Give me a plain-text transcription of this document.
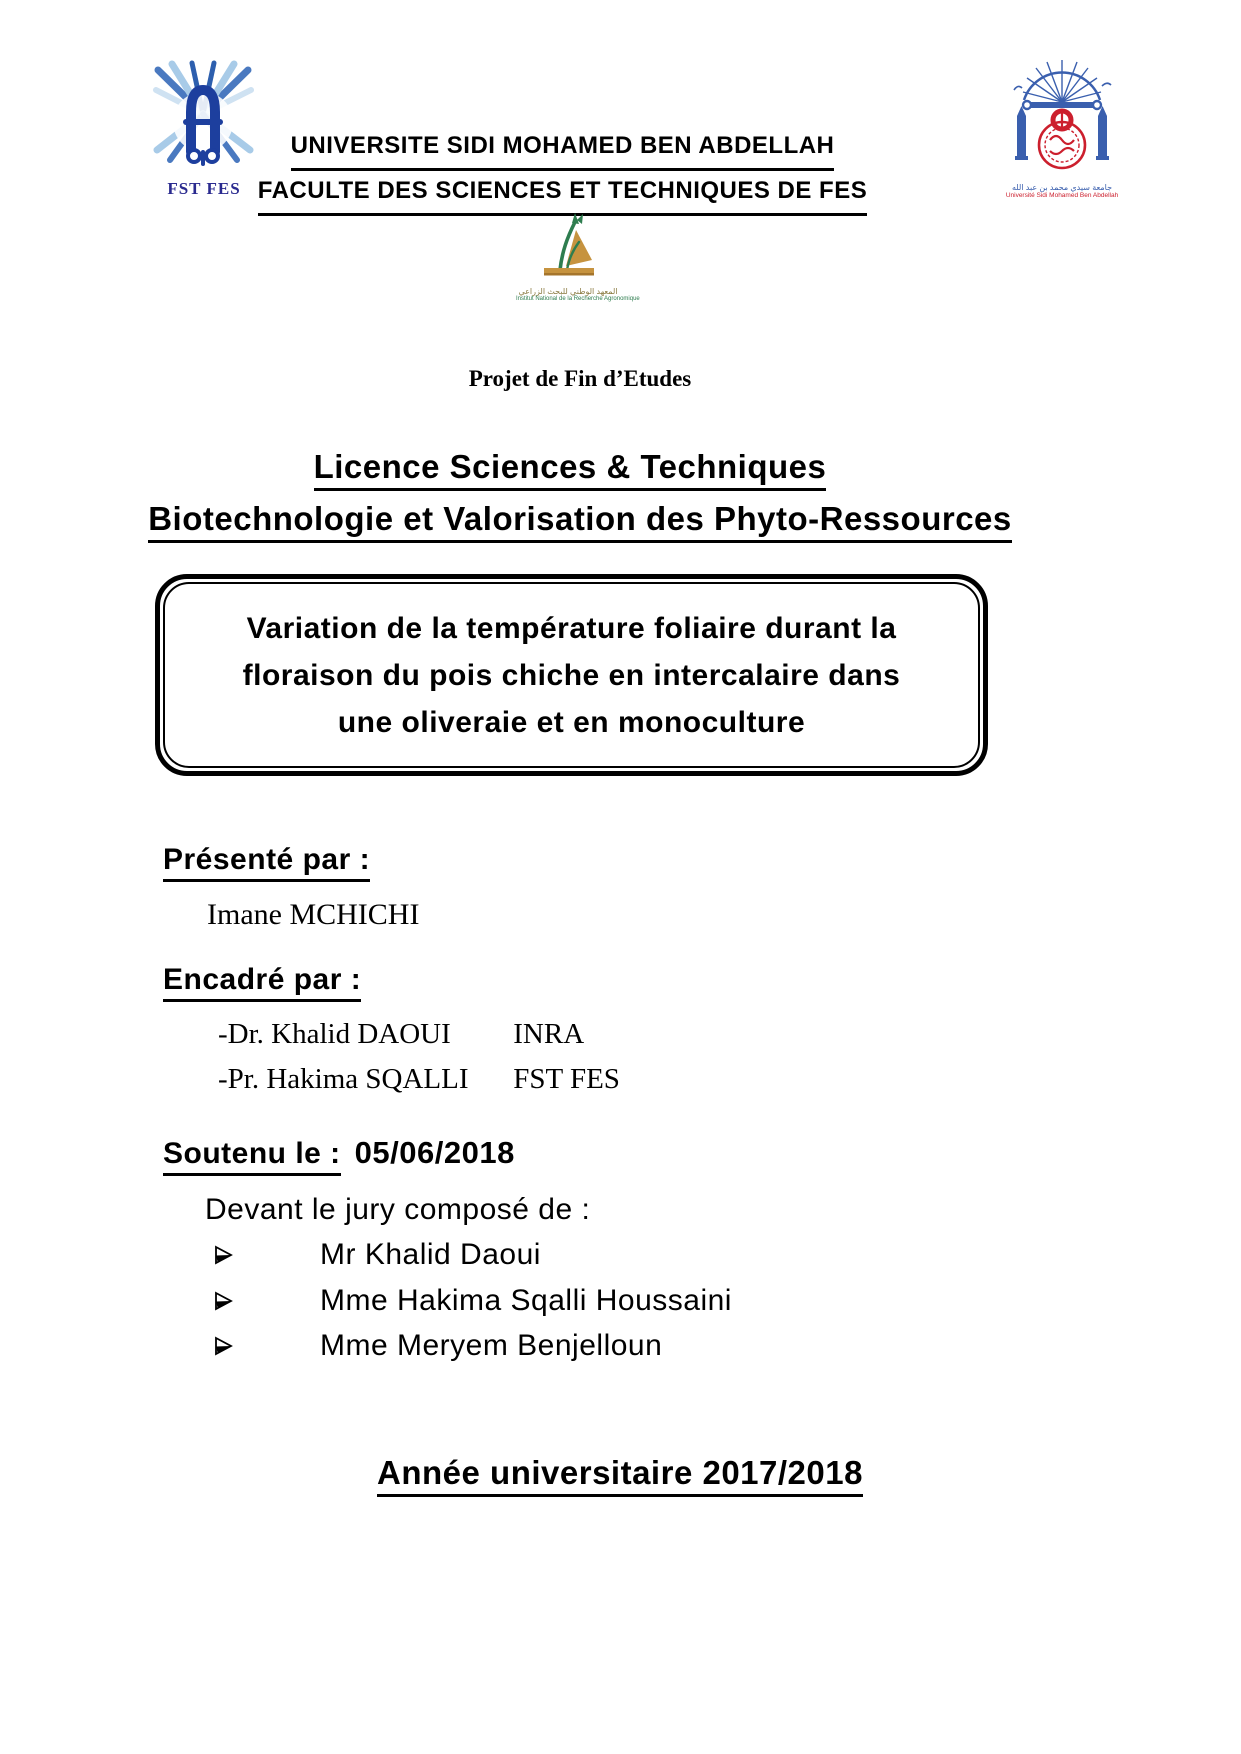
FST FES
UNIVERSITE SIDI MOHAMED BEN ABDELLAH
FACULTE DES SCIENCES ET TECHNIQUES DE FES	جامعة سيدي محمد بن عبد الله
Université Sidi Mohamed Ben Abdellah
المعهد الوطني للبحث الزراعي
Institut National de la Recherche Agronomique
Projet de Fin d’Etudes
Licence Sciences & Techniques
Biotechnologie et Valorisation des Phyto-Ressources
Variation de la température foliaire durant la
floraison du pois chiche en intercalaire dans
une oliveraie et en monoculture
Présenté par :
Imane MCHICHI
Encadré par :
-Dr. Khalid DAOUI INRA
-Pr. Hakima SQALLI FST FES
Soutenu le : 05/06/2018
Devant le jury composé de :
Mr Khalid Daoui
Mme Hakima Sqalli Houssaini
Mme Meryem Benjelloun
Année universitaire 2017/2018
